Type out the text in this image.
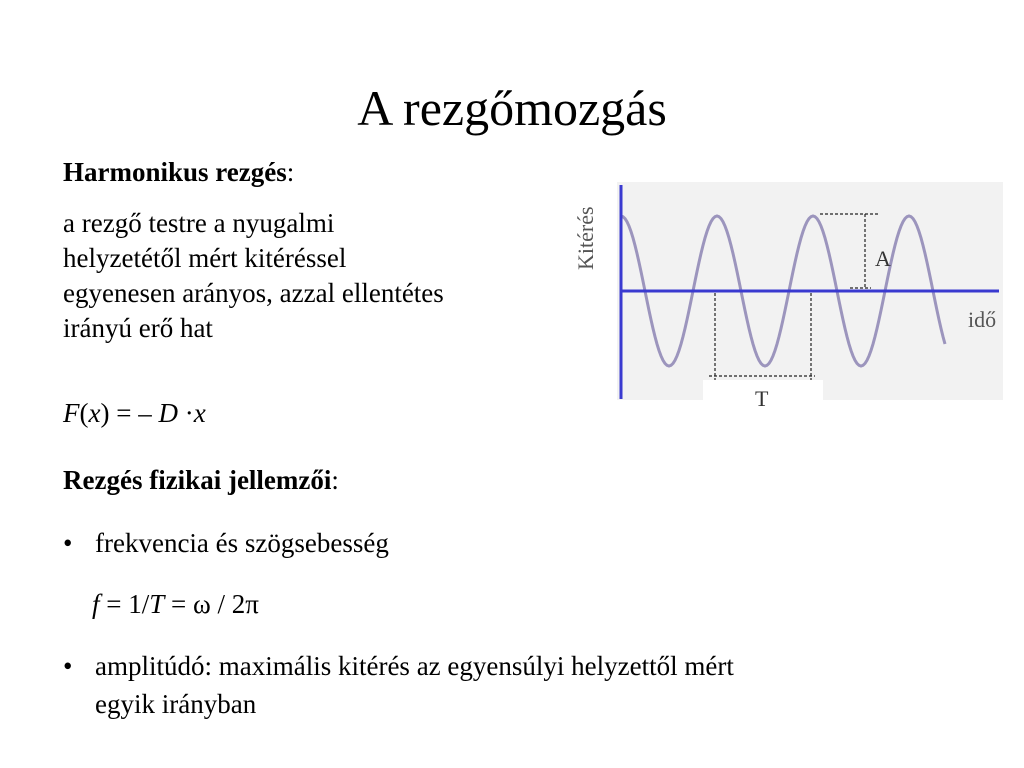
A rezgőmozgás
Harmonikus rezgés:
a rezgő testre a nyugalmi
helyzetétől mért kitéréssel
egyenesen arányos, azzal ellentétes
irányú erő hat
F(x) = – D ·x
Rezgés fizikai jellemzői:
• frekvencia és szögsebesség
f = 1/T = ω / 2π
• amplitúdó: maximális kitérés az egyensúlyi helyzettől mért
egyik irányban
A
T
Kitérés
idő
